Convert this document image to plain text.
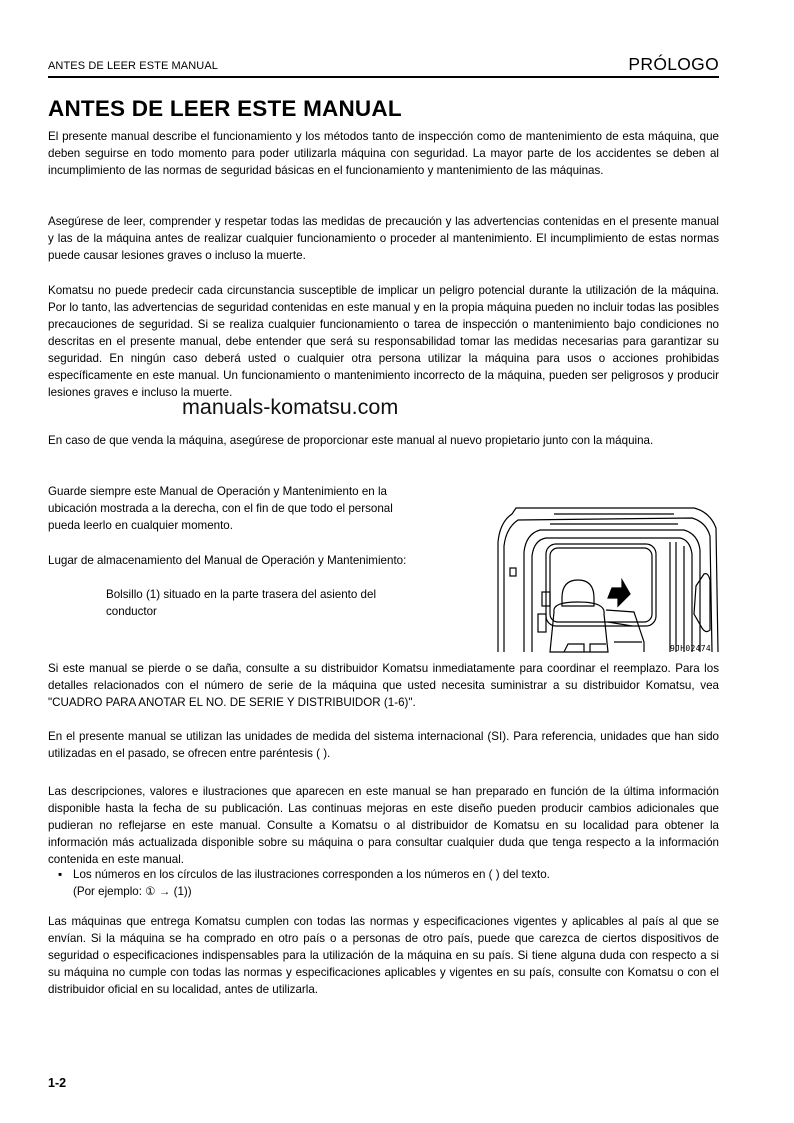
ANTES DE LEER ESTE MANUAL	PRÓLOGO
ANTES DE LEER ESTE MANUAL

El presente manual describe el funcionamiento y los métodos tanto de inspección como de mantenimiento de esta máquina, que deben seguirse en todo momento para poder utilizarla máquina con seguridad. La mayor parte de los accidentes se deben al incumplimiento de las normas de seguridad básicas en el funcionamiento y mantenimiento de las máquinas.

Asegúrese de leer, comprender y respetar todas las medidas de precaución y las advertencias contenidas en el presente manual y las de la máquina antes de realizar cualquier funcionamiento o proceder al mantenimiento. El incumplimiento de estas normas puede causar lesiones graves o incluso la muerte.

Komatsu no puede predecir cada circunstancia susceptible de implicar un peligro potencial durante la utilización de la máquina. Por lo tanto, las advertencias de seguridad contenidas en este manual y en la propia máquina pueden no incluir todas las posibles precauciones de seguridad. Si se realiza cualquier funcionamiento o tarea de inspección o mantenimiento bajo condiciones no descritas en el presente manual, debe entender que será su responsabilidad tomar las medidas necesarias para garantizar su seguridad. En ningún caso deberá usted o cualquier otra persona utilizar la máquina para usos o acciones prohibidas específicamente en este manual. Un funcionamiento o mantenimiento incorrecto de la máquina, pueden ser peligrosos y producir lesiones graves e incluso la muerte.

manuals-komatsu.com

En caso de que venda la máquina, asegúrese de proporcionar este manual al nuevo propietario junto con la máquina.

Guarde siempre este Manual de Operación y Mantenimiento en la ubicación mostrada a la derecha, con el fin de que todo el personal pueda leerlo en cualquier momento.

Lugar de almacenamiento del Manual de Operación y Mantenimiento:

Bolsillo (1) situado en la parte trasera del asiento del conductor

9JH02474

Si este manual se pierde o se daña, consulte a su distribuidor Komatsu inmediatamente para coordinar el reemplazo. Para los detalles relacionados con el número de serie de la máquina que usted necesita suministrar a su distribuidor Komatsu, vea "CUADRO PARA ANOTAR EL NO. DE SERIE Y DISTRIBUIDOR (1-6)".

En el presente manual se utilizan las unidades de medida del sistema internacional (SI). Para referencia, unidades que han sido utilizadas en el pasado, se ofrecen entre paréntesis ( ).

Las descripciones, valores e ilustraciones que aparecen en este manual se han preparado en función de la última información disponible hasta la fecha de su publicación. Las continuas mejoras en este diseño pueden producir cambios adicionales que pudieran no reflejarse en este manual. Consulte a Komatsu o al distribuidor de Komatsu en su localidad para obtener la información más actualizada disponible sobre su máquina o para consultar cualquier duda que tenga respecto a la información contenida en este manual.

▪ Los números en los círculos de las ilustraciones corresponden a los números en ( ) del texto.
(Por ejemplo: ① → (1))

Las máquinas que entrega Komatsu cumplen con todas las normas y especificaciones vigentes y aplicables al país al que se envían. Si la máquina se ha comprado en otro país o a personas de otro país, puede que carezca de ciertos dispositivos de seguridad o especificaciones indispensables para la utilización de la máquina en su país. Si tiene alguna duda con respecto a si su máquina no cumple con todas las normas y especificaciones aplicables y vigentes en su país, consulte con Komatsu o con el distribuidor oficial en su localidad, antes de utilizarla.

1-2
